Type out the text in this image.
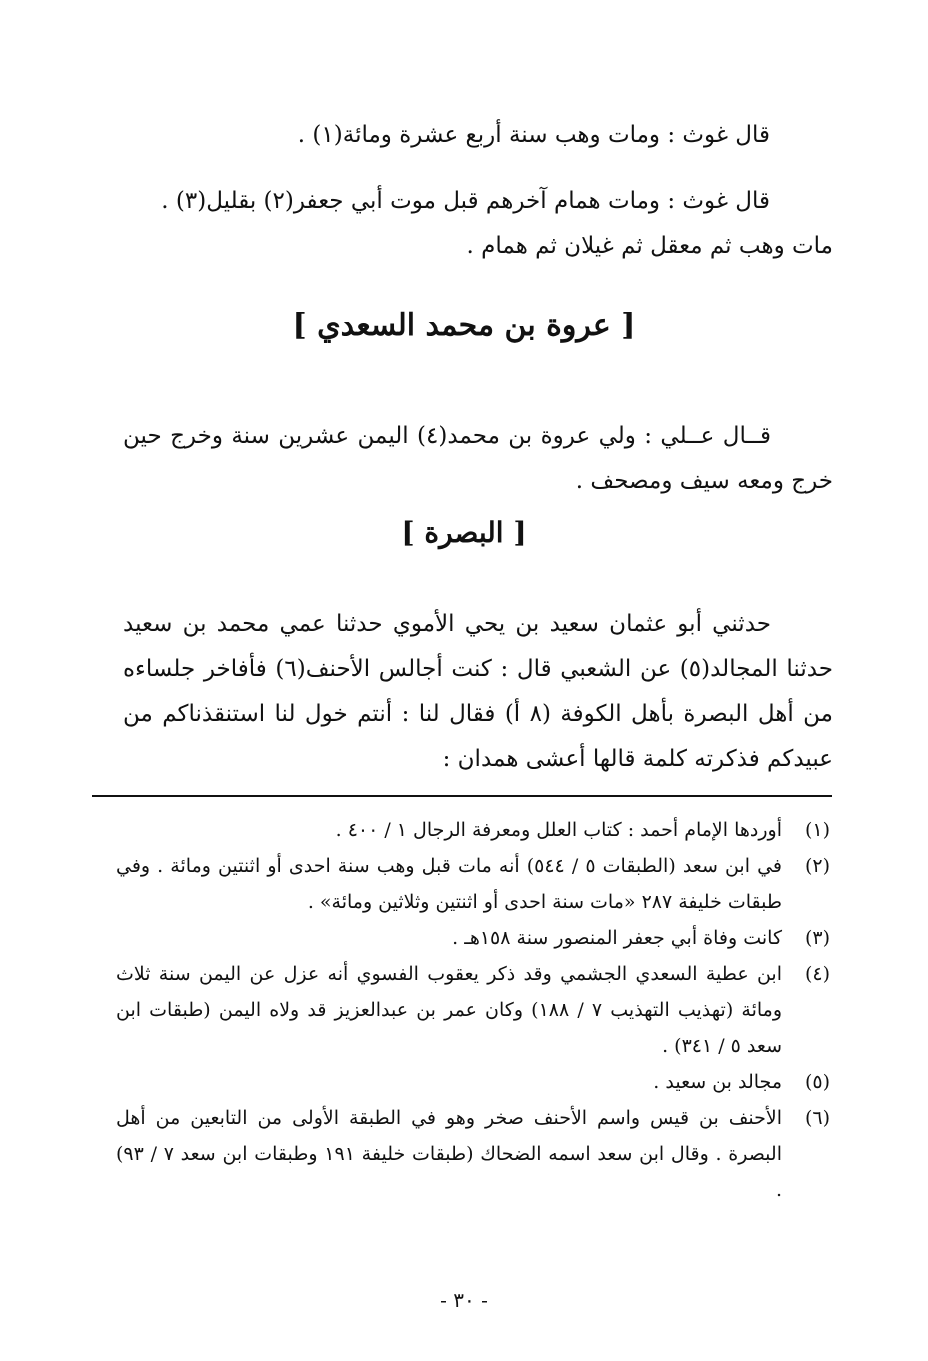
قال غوث : ومات وهب سنة أربع عشرة ومائة(١) .
قال غوث : ومات همام آخرهم قبل موت أبي جعفر(٢) بقليل(٣) .
مات وهب ثم معقل ثم غيلان ثم همام .
[ عروة بن محمد السعدي ]
قــال عــلي : ولي عروة بن محمد(٤) اليمن عشرين سنة وخرج حين خرج ومعه سيف ومصحف .
[ البصرة ]
حدثني أبو عثمان سعيد بن يحي الأموي حدثنا عمي محمد بن سعيد حدثنا المجالد(٥) عن الشعبي قال : كنت أجالس الأحنف(٦) فأفاخر جلساءه من أهل البصرة بأهل الكوفة (٨ أ) فقال لنا : أنتم خول لنا استنقذناكم من عبيدكم فذكرته كلمة قالها أعشى همدان :
(١)
أوردها الإمام أحمد : كتاب العلل ومعرفة الرجال ١ / ٤٠٠ .
(٢)
في ابن سعد (الطبقات ٥ / ٥٤٤) أنه مات قبل وهب سنة احدى أو اثنتين ومائة . وفي طبقات خليفة ٢٨٧ «مات سنة احدى أو اثنتين وثلاثين ومائة» .
(٣)
كانت وفاة أبي جعفر المنصور سنة ١٥٨هـ .
(٤)
ابن عطية السعدي الجشمي وقد ذكر يعقوب الفسوي أنه عزل عن اليمن سنة ثلاث ومائة (تهذيب التهذيب ٧ / ١٨٨) وكان عمر بن عبدالعزيز قد ولاه اليمن (طبقات ابن سعد ٥ / ٣٤١) .
(٥)
مجالد بن سعيد .
(٦)
الأحنف بن قيس واسم الأحنف صخر وهو في الطبقة الأولى من التابعين من أهل البصرة . وقال ابن سعد اسمه الضحاك (طبقات خليفة ١٩١ وطبقات ابن سعد ٧ / ٩٣) .
- ٣٠ -
